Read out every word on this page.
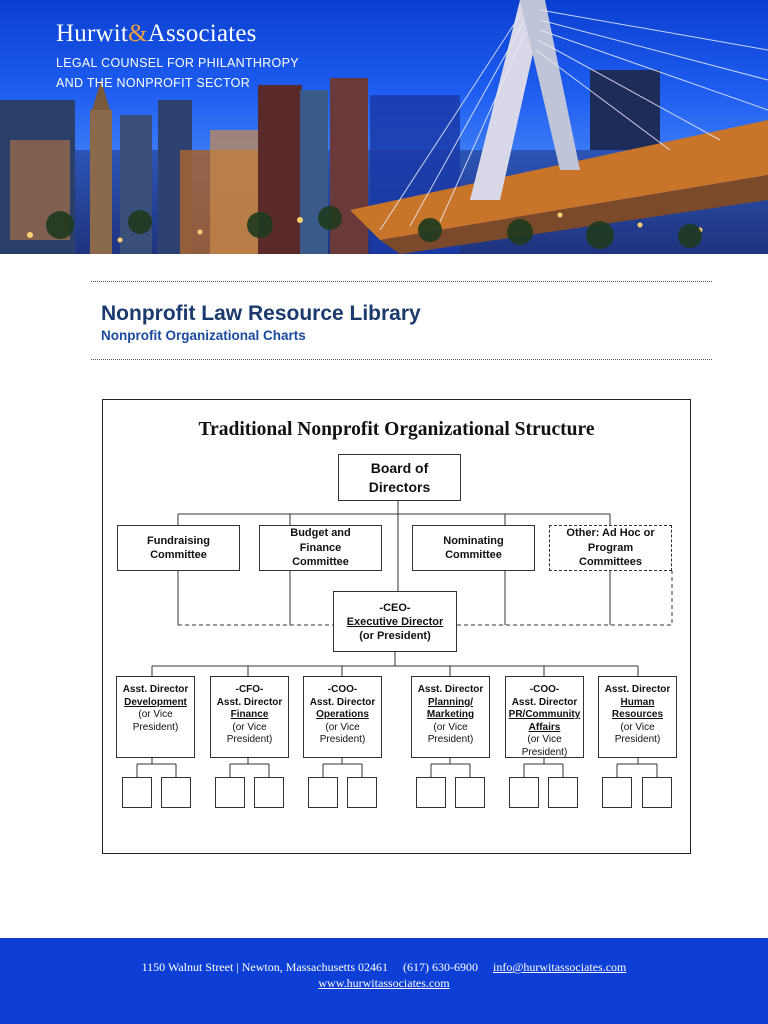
Hurwit&Associates
LEGAL COUNSEL FOR PHILANTHROPY
AND THE NONPROFIT SECTOR
Nonprofit Law Resource Library
Nonprofit Organizational Charts
Traditional Nonprofit Organizational Structure
Board of
Directors
Fundraising
Committee
Budget and
Finance
Committee
Nominating
Committee
Other: Ad Hoc or
Program
Committees
-CEO-
Executive Director
(or President)
Asst. Director
Development
(or Vice
President)
-CFO-
Asst. Director
Finance
(or Vice
President)
-COO-
Asst. Director
Operations
(or Vice
President)
Asst. Director
Planning/
Marketing
(or Vice
President)
-COO-
Asst. Director
PR/Community
Affairs
(or Vice
President)
Asst. Director
Human
Resources
(or Vice
President)
1150 Walnut Street | Newton, Massachusetts 02461 (617) 630-6900 info@hurwitassociates.com
www.hurwitassociates.com
